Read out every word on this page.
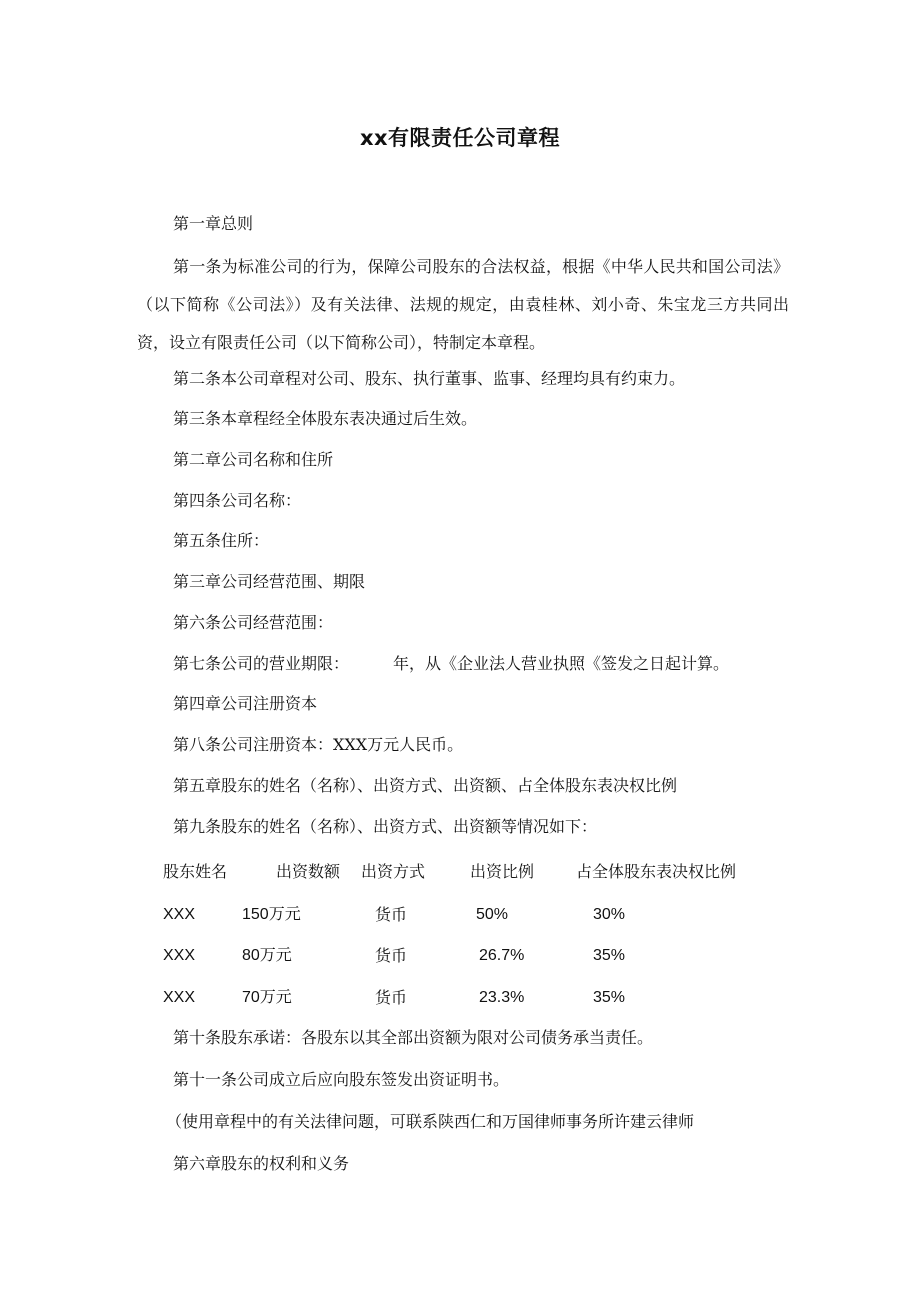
xx有限责任公司章程
第一章总则
第一条为标准公司的行为，保障公司股东的合法权益，根据《中华人民共和国公司法》（以下简称《公司法》）及有关法律、法规的规定，由袁桂林、刘小奇、朱宝龙三方共同出资，设立有限责任公司（以下简称公司），特制定本章程。
第二条本公司章程对公司、股东、执行董事、监事、经理均具有约束力。
第三条本章程经全体股东表决通过后生效。
第二章公司名称和住所
第四条公司名称：
第五条住所：
第三章公司经营范围、期限
第六条公司经营范围：
第七条公司的营业期限：	年，从《企业法人营业执照《签发之日起计算。
第四章公司注册资本
第八条公司注册资本：XXX万元人民币。
第五章股东的姓名（名称）、出资方式、出资额、占全体股东表决权比例
第九条股东的姓名（名称）、出资方式、出资额等情况如下：
股东姓名	出资数额 出资方式	出资比例	占全体股东表决权比例
XXX	150万元	货币	50%	30%
XXX	80万元	货币	26.7%	35%
XXX	70万元	货币	23.3%	35%
第十条股东承诺：各股东以其全部出资额为限对公司债务承当责任。
第十一条公司成立后应向股东签发出资证明书。
（使用章程中的有关法律问题，可联系陕西仁和万国律师事务所许建云律师
第六章股东的权利和义务
